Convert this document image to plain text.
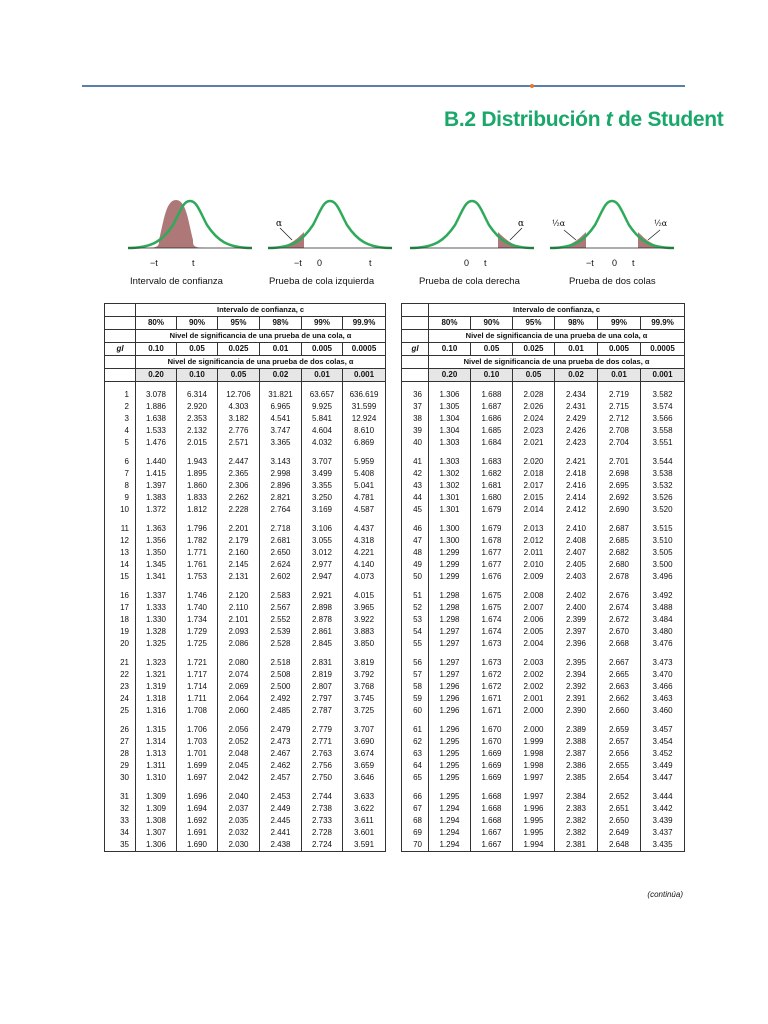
B.2 Distribución t de Student
α	α	½α	½α
−t	t	−t 0	t	0 t	−t 0 t
Intervalo de confianza	Prueba de cola izquierda	Prueba de cola derecha	Prueba de dos colas
	Intervalo de confianza, c					
	80%	90%	95%	98%	99%	99.9%
	Nivel de significancia de una prueba de una cola, α					
gl	0.10	0.05	0.025	0.01	0.005	0.0005
	Nivel de significancia de una prueba de dos colas, α					
	0.20	0.10	0.05	0.02	0.01	0.001

1	3.078	6.314	12.706	31.821	63.657	636.619
2	1.886	2.920	4.303	6.965	9.925	31.599
3	1.638	2.353	3.182	4.541	5.841	12.924
4	1.533	2.132	2.776	3.747	4.604	8.610
5	1.476	2.015	2.571	3.365	4.032	6.869

6	1.440	1.943	2.447	3.143	3.707	5.959
7	1.415	1.895	2.365	2.998	3.499	5.408
8	1.397	1.860	2.306	2.896	3.355	5.041
9	1.383	1.833	2.262	2.821	3.250	4.781
10	1.372	1.812	2.228	2.764	3.169	4.587

11	1.363	1.796	2.201	2.718	3.106	4.437
12	1.356	1.782	2.179	2.681	3.055	4.318
13	1.350	1.771	2.160	2.650	3.012	4.221
14	1.345	1.761	2.145	2.624	2.977	4.140
15	1.341	1.753	2.131	2.602	2.947	4.073

16	1.337	1.746	2.120	2.583	2.921	4.015
17	1.333	1.740	2.110	2.567	2.898	3.965
18	1.330	1.734	2.101	2.552	2.878	3.922
19	1.328	1.729	2.093	2.539	2.861	3.883
20	1.325	1.725	2.086	2.528	2.845	3.850

21	1.323	1.721	2.080	2.518	2.831	3.819
22	1.321	1.717	2.074	2.508	2.819	3.792
23	1.319	1.714	2.069	2.500	2.807	3.768
24	1.318	1.711	2.064	2.492	2.797	3.745
25	1.316	1.708	2.060	2.485	2.787	3.725

26	1.315	1.706	2.056	2.479	2.779	3.707
27	1.314	1.703	2.052	2.473	2.771	3.690
28	1.313	1.701	2.048	2.467	2.763	3.674
29	1.311	1.699	2.045	2.462	2.756	3.659
30	1.310	1.697	2.042	2.457	2.750	3.646

31	1.309	1.696	2.040	2.453	2.744	3.633
32	1.309	1.694	2.037	2.449	2.738	3.622
33	1.308	1.692	2.035	2.445	2.733	3.611
34	1.307	1.691	2.032	2.441	2.728	3.601
35	1.306	1.690	2.030	2.438	2.724	3.591
	Intervalo de confianza, c					
	80%	90%	95%	98%	99%	99.9%
	Nivel de significancia de una prueba de una cola, α					
gl	0.10	0.05	0.025	0.01	0.005	0.0005
	Nivel de significancia de una prueba de dos colas, α					
	0.20	0.10	0.05	0.02	0.01	0.001

36	1.306	1.688	2.028	2.434	2.719	3.582
37	1.305	1.687	2.026	2.431	2.715	3.574
38	1.304	1.686	2.024	2.429	2.712	3.566
39	1.304	1.685	2.023	2.426	2.708	3.558
40	1.303	1.684	2.021	2.423	2.704	3.551

41	1.303	1.683	2.020	2.421	2.701	3.544
42	1.302	1.682	2.018	2.418	2.698	3.538
43	1.302	1.681	2.017	2.416	2.695	3.532
44	1.301	1.680	2.015	2.414	2.692	3.526
45	1.301	1.679	2.014	2.412	2.690	3.520

46	1.300	1.679	2.013	2.410	2.687	3.515
47	1.300	1.678	2.012	2.408	2.685	3.510
48	1.299	1.677	2.011	2.407	2.682	3.505
49	1.299	1.677	2.010	2.405	2.680	3.500
50	1.299	1.676	2.009	2.403	2.678	3.496

51	1.298	1.675	2.008	2.402	2.676	3.492
52	1.298	1.675	2.007	2.400	2.674	3.488
53	1.298	1.674	2.006	2.399	2.672	3.484
54	1.297	1.674	2.005	2.397	2.670	3.480
55	1.297	1.673	2.004	2.396	2.668	3.476

56	1.297	1.673	2.003	2.395	2.667	3.473
57	1.297	1.672	2.002	2.394	2.665	3.470
58	1.296	1.672	2.002	2.392	2.663	3.466
59	1.296	1.671	2.001	2.391	2.662	3.463
60	1.296	1.671	2.000	2.390	2.660	3.460

61	1.296	1.670	2.000	2.389	2.659	3.457
62	1.295	1.670	1.999	2.388	2.657	3.454
63	1.295	1.669	1.998	2.387	2.656	3.452
64	1.295	1.669	1.998	2.386	2.655	3.449
65	1.295	1.669	1.997	2.385	2.654	3.447

66	1.295	1.668	1.997	2.384	2.652	3.444
67	1.294	1.668	1.996	2.383	2.651	3.442
68	1.294	1.668	1.995	2.382	2.650	3.439
69	1.294	1.667	1.995	2.382	2.649	3.437
70	1.294	1.667	1.994	2.381	2.648	3.435
(continúa)
